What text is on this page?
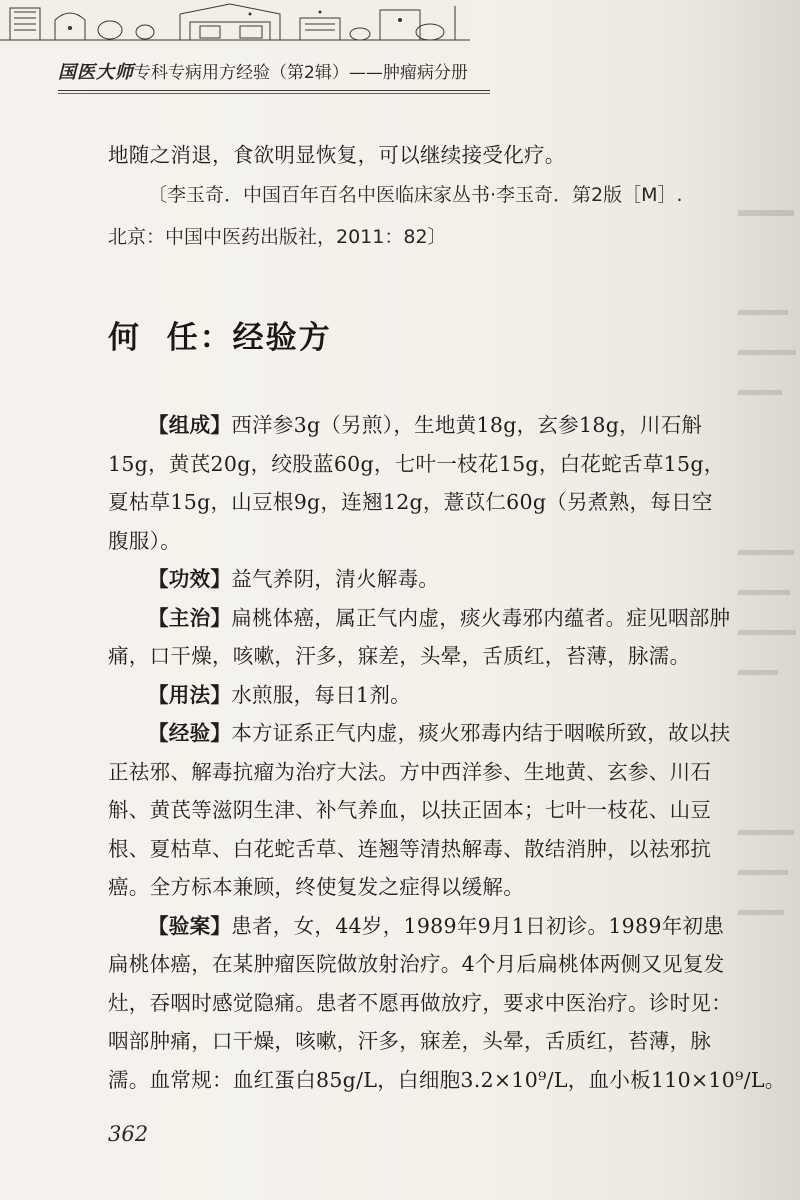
国医大师专科专病用方经验（第2辑）——肿瘤病分册
地随之消退，食欲明显恢复，可以继续接受化疗。
〔李玉奇．中国百年百名中医临床家丛书·李玉奇．第2版［M］.
北京：中国中医药出版社，2011：82〕
何  任：经验方
【组成】西洋参3g（另煎），生地黄18g，玄参18g，川石斛
15g，黄芪20g，绞股蓝60g，七叶一枝花15g，白花蛇舌草15g，
夏枯草15g，山豆根9g，连翘12g，薏苡仁60g（另煮熟，每日空
腹服）。
【功效】益气养阴，清火解毒。
【主治】扁桃体癌，属正气内虚，痰火毒邪内蕴者。症见咽部肿
痛，口干燥，咳嗽，汗多，寐差，头晕，舌质红，苔薄，脉濡。
【用法】水煎服，每日1剂。
【经验】本方证系正气内虚，痰火邪毒内结于咽喉所致，故以扶
正祛邪、解毒抗瘤为治疗大法。方中西洋参、生地黄、玄参、川石
斛、黄芪等滋阴生津、补气养血，以扶正固本；七叶一枝花、山豆
根、夏枯草、白花蛇舌草、连翘等清热解毒、散结消肿，以祛邪抗
癌。全方标本兼顾，终使复发之症得以缓解。
【验案】患者，女，44岁，1989年9月1日初诊。1989年初患
扁桃体癌，在某肿瘤医院做放射治疗。4个月后扁桃体两侧又见复发
灶，吞咽时感觉隐痛。患者不愿再做放疗，要求中医治疗。诊时见：
咽部肿痛，口干燥，咳嗽，汗多，寐差，头晕，舌质红，苔薄，脉
濡。血常规：血红蛋白85g/L，白细胞3.2×10⁹/L，血小板110×10⁹/L。
362
